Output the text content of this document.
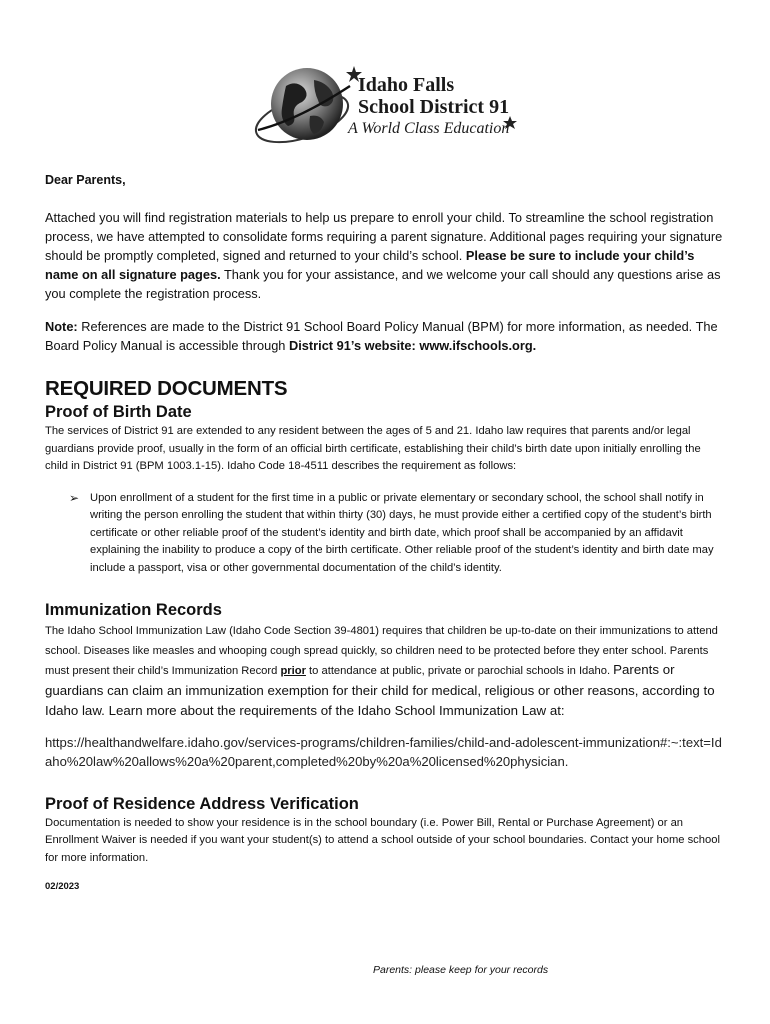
Idaho Falls
School District 91
A World Class Education

Dear Parents,

Attached you will find registration materials to help us prepare to enroll your child. To streamline the school registration process, we have attempted to consolidate forms requiring a parent signature. Additional pages requiring your signature should be promptly completed, signed and returned to your child’s school. Please be sure to include your child’s name on all signature pages. Thank you for your assistance, and we welcome your call should any questions arise as you complete the registration process.

Note: References are made to the District 91 School Board Policy Manual (BPM) for more information, as needed. The Board Policy Manual is accessible through District 91’s website: www.ifschools.org.

REQUIRED DOCUMENTS
Proof of Birth Date

The services of District 91 are extended to any resident between the ages of 5 and 21. Idaho law requires that parents and/or legal guardians provide proof, usually in the form of an official birth certificate, establishing their child’s birth date upon initially enrolling the child in District 91 (BPM 1003.1-15). Idaho Code 18-4511 describes the requirement as follows:

➢ Upon enrollment of a student for the first time in a public or private elementary or secondary school, the school shall notify in writing the person enrolling the student that within thirty (30) days, he must provide either a certified copy of the student’s birth certificate or other reliable proof of the student’s identity and birth date, which proof shall be accompanied by an affidavit explaining the inability to produce a copy of the birth certificate. Other reliable proof of the student’s identity and birth date may include a passport, visa or other governmental documentation of the child’s identity.
Immunization Records

The Idaho School Immunization Law (Idaho Code Section 39-4801) requires that children be up-to-date on their immunizations to attend school. Diseases like measles and whooping cough spread quickly, so children need to be protected before they enter school. Parents must present their child’s Immunization Record prior to attendance at public, private or parochial schools in Idaho. Parents or guardians can claim an immunization exemption for their child for medical, religious or other reasons, according to Idaho law. Learn more about the requirements of the Idaho School Immunization Law at:

https://healthandwelfare.idaho.gov/services-programs/children-families/child-and-adolescent-immunization#:~:text=Idaho%20law%20allows%20a%20parent,completed%20by%20a%20licensed%20physician.

Proof of Residence Address Verification

Documentation is needed to show your residence is in the school boundary (i.e. Power Bill, Rental or Purchase Agreement) or an Enrollment Waiver is needed if you want your student(s) to attend a school outside of your school boundaries. Contact your home school for more information.

02/2023

Parents: please keep for your records
